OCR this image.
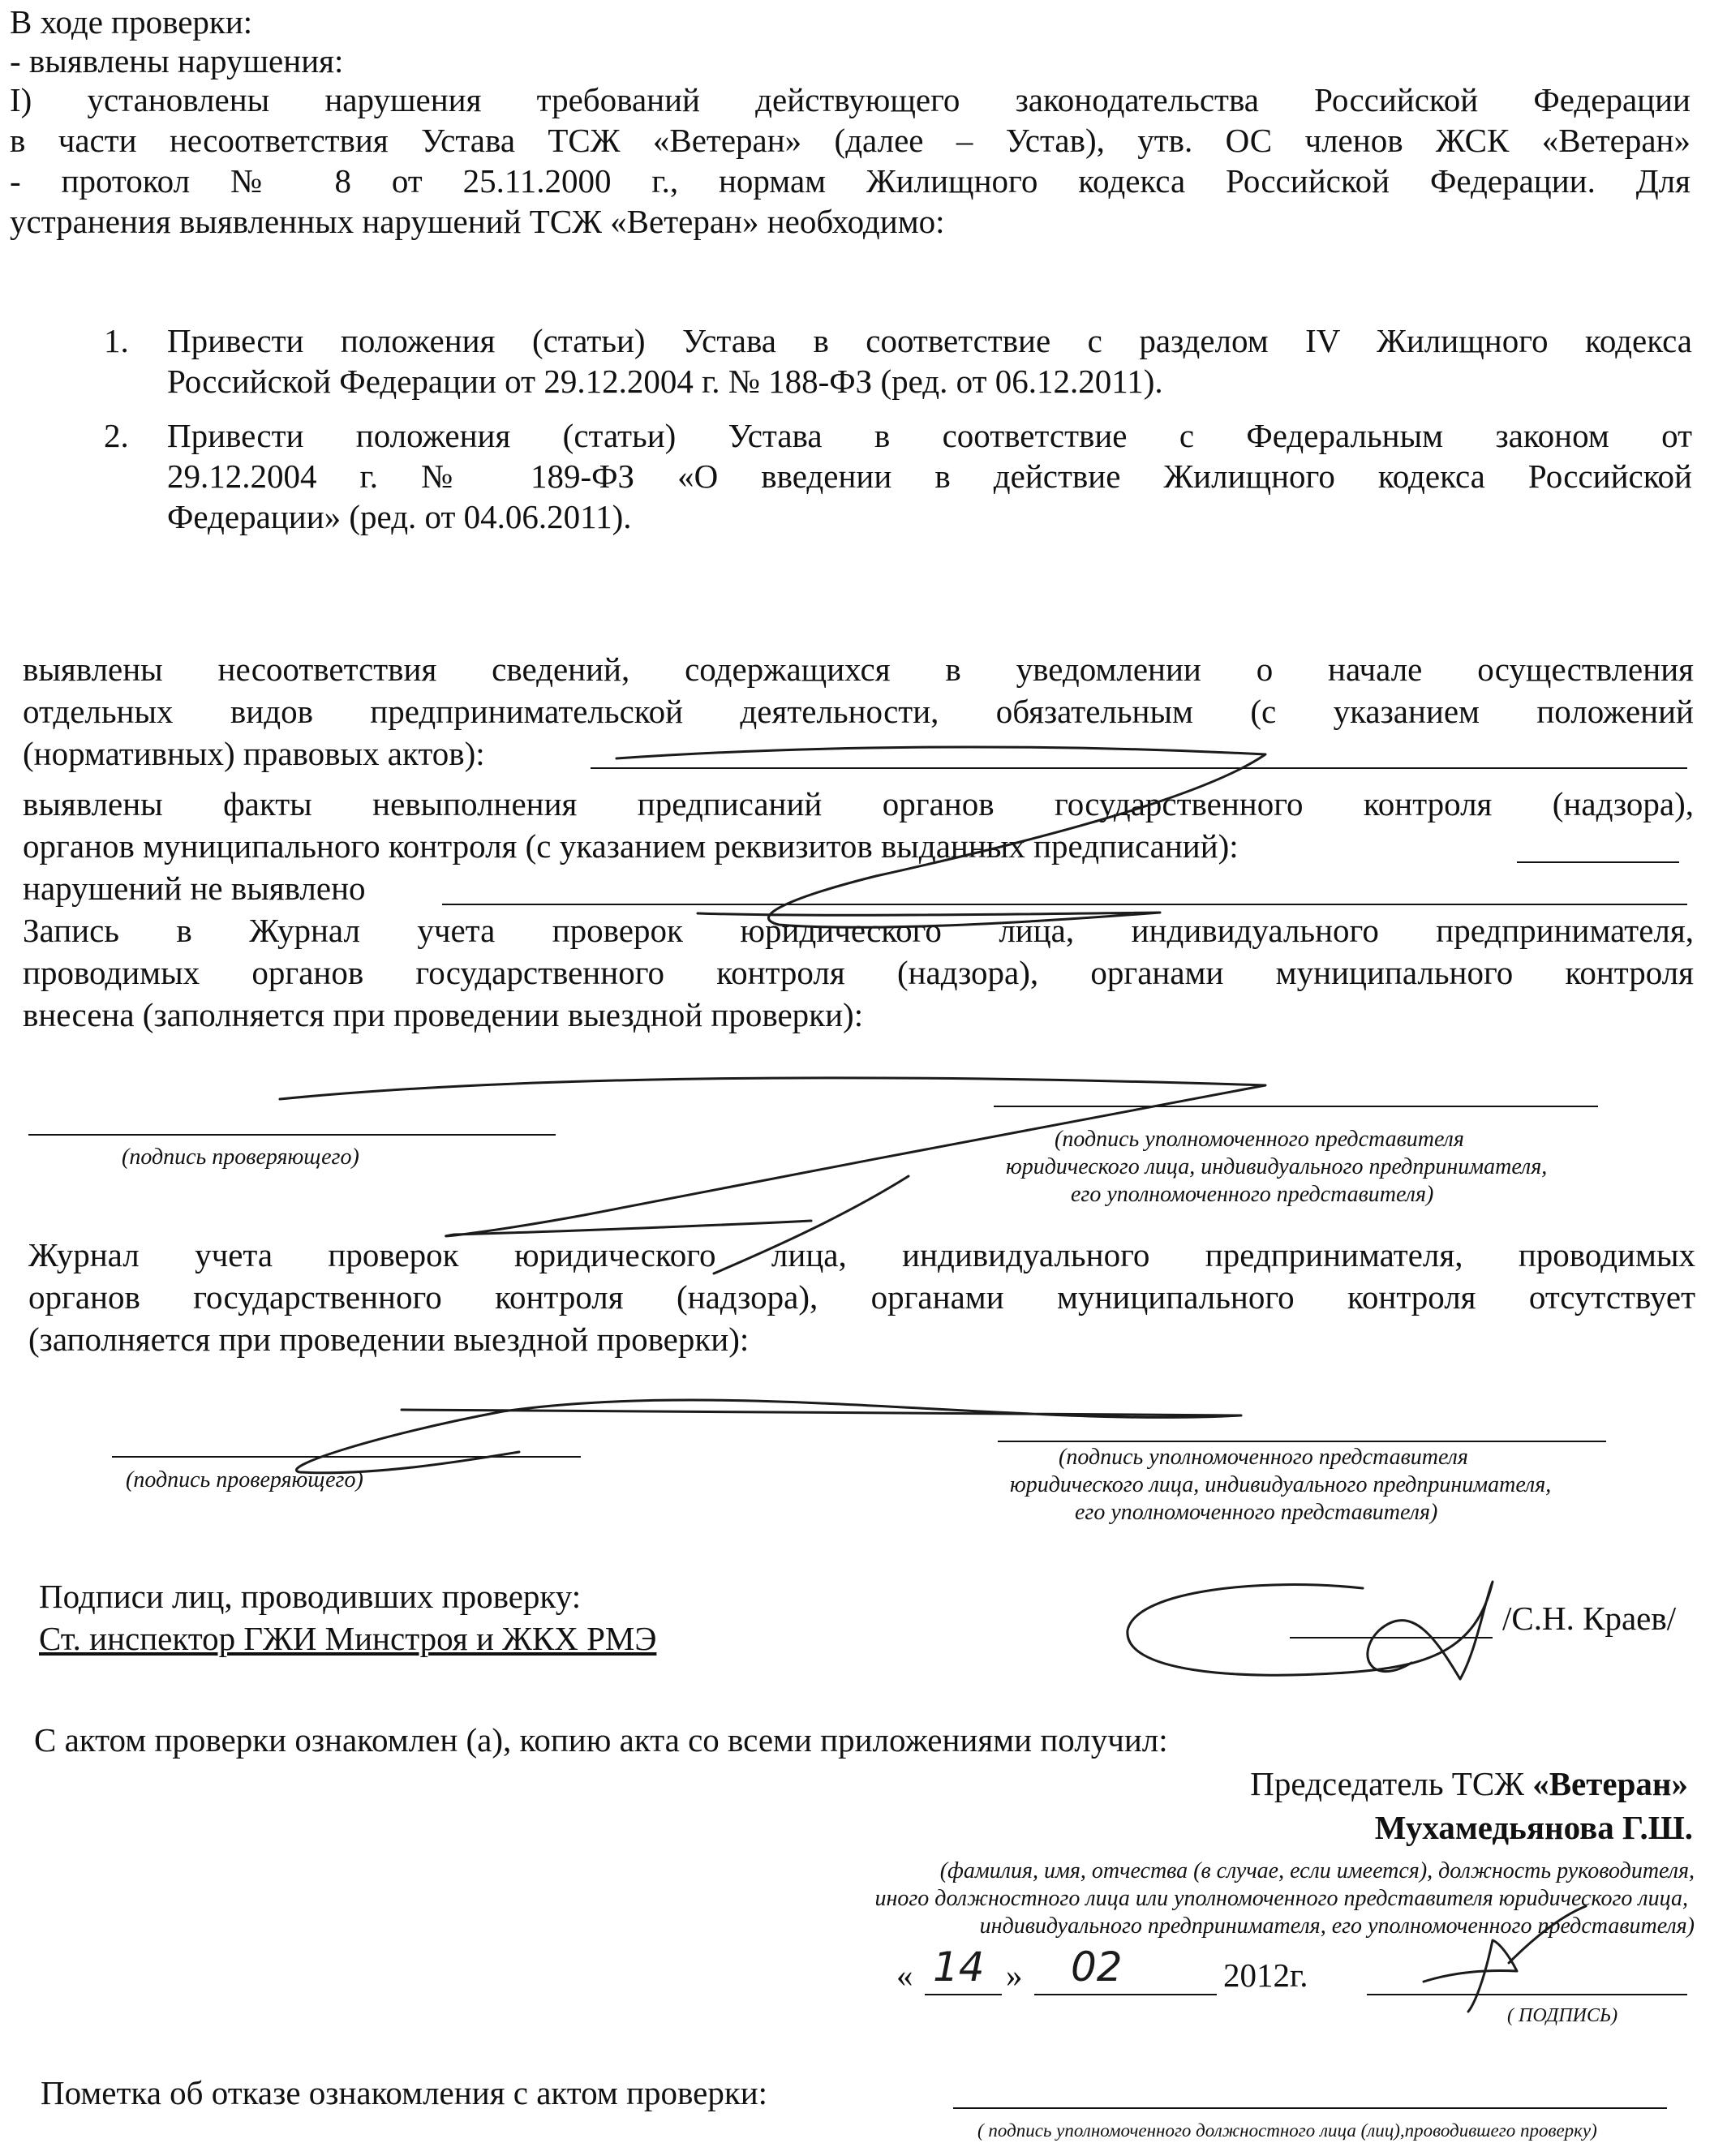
В ходе проверки:
- выявлены нарушения:
I) установлены нарушения требований действующего законодательства Российской Федерации
в части несоответствия Устава ТСЖ «Ветеран» (далее – Устав), утв. ОС членов ЖСК «Ветеран»
- протокол № 8 от 25.11.2000 г., нормам Жилищного кодекса Российской Федерации. Для
устранения выявленных нарушений ТСЖ «Ветеран» необходимо:
1. Привести положения (статьи) Устава в соответствие с разделом IV Жилищного кодекса
Российской Федерации от 29.12.2004 г. № 188-ФЗ (ред. от 06.12.2011).
2. Привести положения (статьи) Устава в соответствие с Федеральным законом от
29.12.2004 г. № 189-ФЗ «О введении в действие Жилищного кодекса Российской
Федерации» (ред. от 04.06.2011).
выявлены несоответствия сведений, содержащихся в уведомлении о начале осуществления
отдельных видов предпринимательской деятельности, обязательным (с указанием положений
(нормативных) правовых актов):
выявлены факты невыполнения предписаний органов государственного контроля (надзора),
органов муниципального контроля (с указанием реквизитов выданных предписаний):
нарушений не выявлено
Запись в Журнал учета проверок юридического лица, индивидуального предпринимателя,
проводимых органов государственного контроля (надзора), органами муниципального контроля
внесена (заполняется при проведении выездной проверки):
(подпись проверяющего)
(подпись уполномоченного представителя
юридического лица, индивидуального предпринимателя,
его уполномоченного представителя)
Журнал учета проверок юридического лица, индивидуального предпринимателя, проводимых
органов государственного контроля (надзора), органами муниципального контроля отсутствует
(заполняется при проведении выездной проверки):
(подпись проверяющего)
(подпись уполномоченного представителя
юридического лица, индивидуального предпринимателя,
его уполномоченного представителя)
Подписи лиц, проводивших проверку:
Ст. инспектор ГЖИ Минстроя и ЖКХ РМЭ
/С.Н. Краев/
С актом проверки ознакомлен (а), копию акта со всеми приложениями получил:
Председатель ТСЖ «Ветеран»
Мухамедьянова Г.Ш.
(фамилия, имя, отчества (в случае, если имеется), должность руководителя,
иного должностного лица или уполномоченного представителя юридического лица,
индивидуального предпринимателя, его уполномоченного представителя)
« 14 » 02	2012г.
( ПОДПИСЬ)
Пометка об отказе ознакомления с актом проверки:
( подпись уполномоченного должностного лица (лиц),проводившего проверку)
